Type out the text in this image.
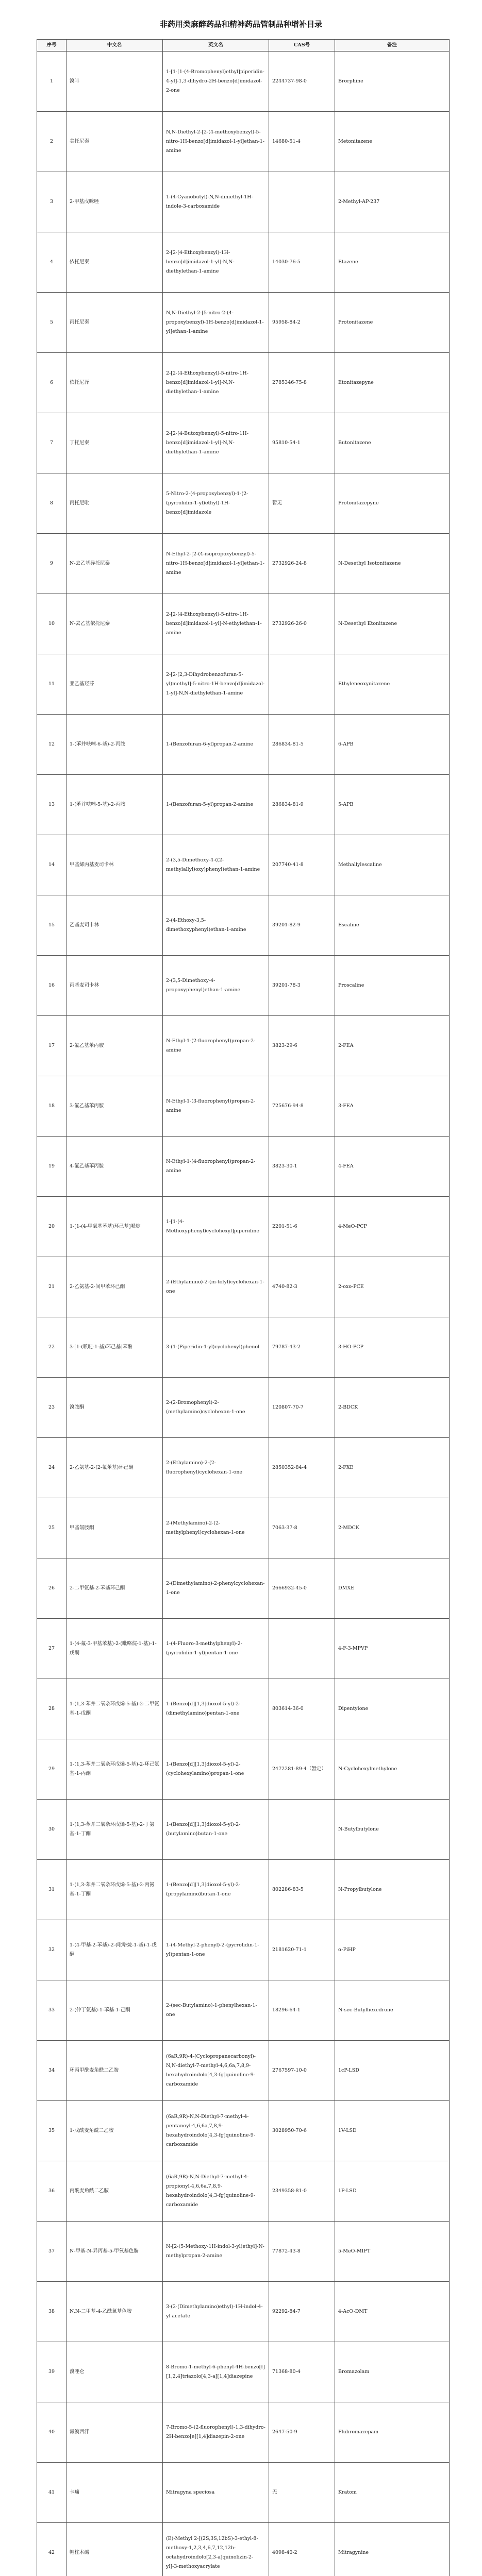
非药用类麻醉药品和精神药品管制品种增补目录
序号	中文名	英文名	CAS号	备注
1	溴啡	1-[1-[1-(4-Bromophenyl)ethyl]piperidin-4-yl]-1,3-dihydro-2H-benzo[d]imidazol-2-one	2244737-98-0	Brorphine
2	美托尼秦	N,N-Diethyl-2-[2-(4-methoxybenzyl)-5-nitro-1H-benzo[d]imidazol-1-yl]ethan-1-amine	14680-51-4	Metonitazene
3	2-甲基戊咪唑	1-(4-Cyanobutyl)-N,N-dimethyl-1H-indole-3-carboxamide		2-Methyl-AP-237
4	依托尼秦	2-[2-(4-Ethoxybenzyl)-1H-benzo[d]imidazol-1-yl]-N,N-diethylethan-1-amine	14030-76-5	Etazene
5	丙托尼秦	N,N-Diethyl-2-[5-nitro-2-(4-propoxybenzyl)-1H-benzo[d]imidazol-1-yl]ethan-1-amine	95958-84-2	Protonitazene
6	依托尼泽	2-[2-(4-Ethoxybenzyl)-5-nitro-1H-benzo[d]imidazol-1-yl]-N,N-diethylethan-1-amine	2785346-75-8	Etonitazepyne
7	丁托尼秦	2-[2-(4-Butoxybenzyl)-5-nitro-1H-benzo[d]imidazol-1-yl]-N,N-diethylethan-1-amine	95810-54-1	Butonitazene
8	丙托尼吡	5-Nitro-2-(4-propoxybenzyl)-1-(2-(pyrrolidin-1-yl)ethyl)-1H-benzo[d]imidazole	暂无	Protonitazepyne
9	N-去乙基异托尼秦	N-Ethyl-2-[2-(4-isopropoxybenzyl)-5-nitro-1H-benzo[d]imidazol-1-yl]ethan-1-amine	2732926-24-8	N-Desethyl Isotonitazene
10	N-去乙基依托尼秦	2-[2-(4-Ethoxybenzyl)-5-nitro-1H-benzo[d]imidazol-1-yl]-N-ethylethan-1-amine	2732926-26-0	N-Desethyl Etonitazene
11	亚乙基羟芬	2-[2-(2,3-Dihydrobenzofuran-5-yl)methyl]-5-nitro-1H-benzo[d]imidazol-1-yl]-N,N-diethylethan-1-amine		Ethyleneoxynitazene
12	1-(苯并呋喃-6-基)-2-丙胺	1-(Benzofuran-6-yl)propan-2-amine	286834-81-5	6-APB
13	1-(苯并呋喃-5-基)-2-丙胺	1-(Benzofuran-5-yl)propan-2-amine	286834-81-9	5-APB
14	甲基烯丙基麦司卡林	2-(3,5-Dimethoxy-4-((2-methylallyl)oxy)phenyl)ethan-1-amine	207740-41-8	Methallylescaline
15	乙基麦司卡林	2-(4-Ethoxy-3,5-dimethoxyphenyl)ethan-1-amine	39201-82-9	Escaline
16	丙基麦司卡林	2-(3,5-Dimethoxy-4-propoxyphenyl)ethan-1-amine	39201-78-3	Proscaline
17	2-氟乙基苯丙胺	N-Ethyl-1-(2-fluorophenyl)propan-2-amine	3823-29-6	2-FEA
18	3-氟乙基苯丙胺	N-Ethyl-1-(3-fluorophenyl)propan-2-amine	725676-94-8	3-FEA
19	4-氟乙基苯丙胺	N-Ethyl-1-(4-fluorophenyl)propan-2-amine	3823-30-1	4-FEA
20	1-[1-(4-甲氧基苯基)环己基]哌啶	1-[1-(4-Methoxyphenyl)cyclohexyl]piperidine	2201-51-6	4-MeO-PCP
21	2-乙氨基-2-间甲苯环己酮	2-(Ethylamino)-2-(m-tolyl)cyclohexan-1-one	4740-82-3	2-oxo-PCE
22	3-[1-(哌啶-1-基)环己基]苯酚	3-(1-(Piperidin-1-yl)cyclohexyl)phenol	79787-43-2	3-HO-PCP
23	溴胺酮	2-(2-Bromophenyl)-2-(methylamino)cyclohexan-1-one	120807-70-7	2-BDCK
24	2-乙氨基-2-(2-氟苯基)环己酮	2-(Ethylamino)-2-(2-fluorophenyl)cyclohexan-1-one	2850352-84-4	2-FXE
25	甲基氯胺酮	2-(Methylamino)-2-(2-methylphenyl)cyclohexan-1-one	7063-37-8	2-MDCK
26	2-二甲氨基-2-苯基环己酮	2-(Dimethylamino)-2-phenylcyclohexan-1-one	2666932-45-0	DMXE
27	1-(4-氟-3-甲基苯基)-2-(吡咯烷-1-基)-1-戊酮	1-(4-Fluoro-3-methylphenyl)-2-(pyrrolidin-1-yl)pentan-1-one		4-F-3-MPVP
28	1-(1,3-苯并二氧杂环戊烯-5-基)-2-二甲氨基-1-戊酮	1-(Benzo[d][1,3]dioxol-5-yl)-2-(dimethylamino)pentan-1-one	803614-36-0	Dipentylone
29	1-(1,3-苯并二氧杂环戊烯-5-基)-2-环己氨基-1-丙酮	1-(Benzo[d][1,3]dioxol-5-yl)-2-(cyclohexylamino)propan-1-one	2472281-89-4（暂定）	N-Cyclohexylmethylone
30	1-(1,3-苯并二氧杂环戊烯-5-基)-2-丁氨基-1-丁酮	1-(Benzo[d][1,3]dioxol-5-yl)-2-(butylamino)butan-1-one		N-Butylbutylone
31	1-(1,3-苯并二氧杂环戊烯-5-基)-2-丙氨基-1-丁酮	1-(Benzo[d][1,3]dioxol-5-yl)-2-(propylamino)butan-1-one	802286-83-5	N-Propylbutylone
32	1-(4-甲基-2-苯基)-2-(吡咯烷-1-基)-1-戊酮	1-(4-Methyl-2-phenyl)-2-(pyrrolidin-1-yl)pentan-1-one	2181620-71-1	α-PiHP
33	2-(仲丁氨基)-1-苯基-1-己酮	2-(sec-Butylamino)-1-phenylhexan-1-one	18296-64-1	N-sec-Butylhexedrone
34	环丙甲酰麦角酰二乙胺	(6aR,9R)-4-(Cyclopropanecarbonyl)-N,N-diethyl-7-methyl-4,6,6a,7,8,9-hexahydroindolo[4,3-fg]quinoline-9-carboxamide	2767597-10-0	1cP-LSD
35	1-戊酰麦角酰二乙胺	(6aR,9R)-N,N-Diethyl-7-methyl-4-pentanoyl-4,6,6a,7,8,9-hexahydroindolo[4,3-fg]quinoline-9-carboxamide	3028950-70-6	1V-LSD
36	丙酰麦角酰二乙胺	(6aR,9R)-N,N-Diethyl-7-methyl-4-propionyl-4,6,6a,7,8,9-hexahydroindolo[4,3-fg]quinoline-9-carboxamide	2349358-81-0	1P-LSD
37	N-甲基-N-异丙基-5-甲氧基色胺	N-[2-(5-Methoxy-1H-indol-3-yl)ethyl]-N-methylpropan-2-amine	77872-43-8	5-MeO-MIPT
38	N,N-二甲基-4-乙酰氧基色胺	3-(2-(Dimethylamino)ethyl)-1H-indol-4-yl acetate	92292-84-7	4-AcO-DMT
39	溴唑仑	8-Bromo-1-methyl-6-phenyl-4H-benzo[f][1,2,4]triazolo[4,3-a][1,4]diazepine	71368-80-4	Bromazolam
40	氟溴西泮	7-Bromo-5-(2-fluorophenyl)-1,3-dihydro-2H-benzo[e][1,4]diazepin-2-one	2647-50-9	Flubromazepam
41	卡痛	Mitragyna speciosa	无	Kratom
42	帽柱木碱	(E)-Methyl 2-[(2S,3S,12bS)-3-ethyl-8-methoxy-1,2,3,4,6,7,12,12b-octahydroindolo[2,3-a]quinolizin-2-yl]-3-methoxyacrylate	4098-40-2	Mitragynine
